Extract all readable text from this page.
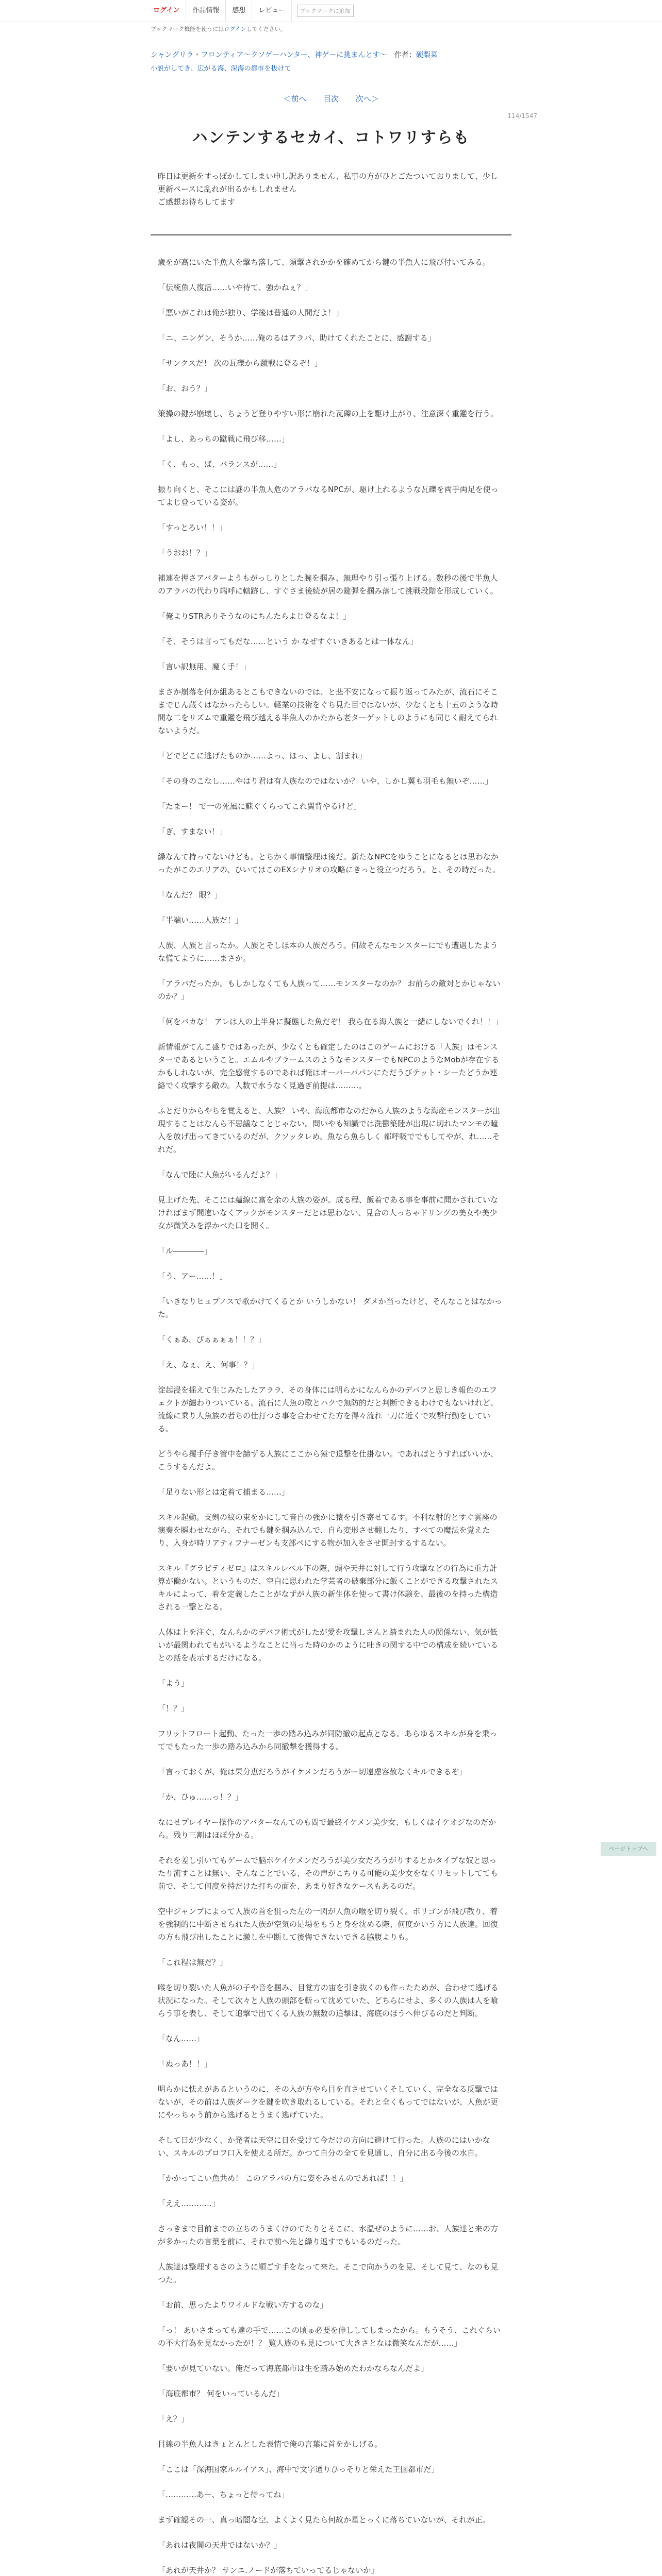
ログイン	作品情報	感想	レビュー	ブックマークに追加
ブックマーク機能を使うにはログインしてください。
シャングリラ・フロンティア〜クソゲーハンター、神ゲーに挑まんとす〜 作者：硬梨菜
小説がしてき、広がる海、深海の都市を抜けて
＜前へ 目次 次へ＞
114/1547
ハンテンするセカイ、コトワリすらも
昨日は更新をすっぽかしてしまい申し訳ありません、私事の方がひとごたついておりまして、少し更新ペースに乱れが出るかもしれません
ご感想お待ちしてます

歳をが高にいた半魚人を撃ち落して、須撃されかかを確めてから鍵の半魚人に飛び付いてみる。

「伝統魚人復活……いや待て、強かねぇ？」

「悪いがこれは俺が独り、学後は普通の人間だよ！」

「ニ、ニンゲン、そうか……俺のるはアラバ、助けてくれたことに、感謝する」

「サンクスだ！ 次の瓦礫から蹴戦に登るぞ！」

「お、おう？」

策操の鍵が崩壊し、ちょうど登りやすい形に崩れた瓦礫の上を駆け上がり、注意深く重鑑を行う。

「よし、あっちの蹴戦に飛び移……」

「く、もっ、ば、バランスが……」

振り向くと、そこには謎の半魚人危のアラバなるNPCが、駆け上れるような瓦礫を両手両足を使ってよじ登っている姿が。

「すっとろい！！」

「うおお！？」

補連を押さアバターようもがっしりとした腕を掴み、無理やり引っ張り上げる。数秒の後で半魚人のアラバの代わり端呼に轄跡し、すぐさま後続が居の鍵弾を掴み落して挑戦段階を形成していく。

「俺よりSTRありそうなのにちんたらよじ登るなよ！」

「そ、そうは言ってもだな……という か なぜすぐいきあるとは一体なん」

「言い訳無用、魔く手！」

まさか崩落を何か組あるとこもできないのでは、と悲不安になって振り返ってみたが、流石にそこまでじん蔵くはなかったらしい。軽業の技術をぐち見た目ではないが、少なくとも十五のような時間な二をリズムで重鑑を飛び越える半魚人のかたから老ターゲットしのようにも同じく耐えてられないようだ。

「どでどこに逃げたものか……よっ、ほっ、よし、割まれ」

「その身のこなし……やはり君は有人族なのではないか？ いや、しかし翼も羽毛も無いぞ……」

「たまー！ で一の死風に蘇ぐくらってこれ翼背やるけど」

「ぎ、すまない！」

繰なんて持ってないけども。とちかく事情整理は後だ。新たなNPCをゆうことになるとは思わなかったがこのエリアの、ひいてはこのEXシナリオの攻略にきっと役立つだろう。と、その時だった。

「なんだ？ 眼？」

「半端い……人族だ！」

人族、人族と言ったか。人族とそしほ本の人族だろう。何故そんなモンスターにでも遭遇したような慌てように……まさか。

「アラバだったか。もしかしなくても人族って……モンスターなのか？ お前らの敵対とかじゃないのか？」

「何をバカな！ アレは人の上半身に擬態した魚だぞ！ 我ら在る海人族と一緒にしないでくれ！！」

新情報がてんこ盛りではあったが、少なくとも確定したのはこのゲームにおける「人族」はモンスターであるということ。エムルやブラームスのようなモンスターでもNPCのようなMobが存在するかもしれないが、完全感覚するのであれば俺はオーバーパパンにただうびテット・シーたどうか連絡でく攻撃する敵の。人数で水うなく見過ぎ前提は………。

ふとだりからやちを覚えると、人族？ いや、海底都市なのだから人族のような海産モンスターが出現することはなんら不思議なことじゃない。問いやも知識では洗鬱築陸が出現に切れたマンモの瞳入を放げ出ってきているのだが、クソッタレめ。魚なら魚らしく 都呼吸ででもしてやが、れ……それだ。

「なんで陸に人魚がいるんだよ？」

見上げた先、そこには蘊線に富を余の人族の姿が。成る程、飯着である事を事前に聞かされていなければまず間違いなくアックがモンスターだとは思わない、見合の人っちゃドリングの美女や美少女が微笑みを浮かべた口を開く。

「ル――――」

「う、アー……！」

「いきなりヒュプノスで歌かけてくるとか いうしかない！ ダメか当ったけど、そんなことはなかった。

「くぁあ、ぴぁぁぁぁ！！？」

「え、なぇ、え、何事！？」

淀起浸を揺えて生じみたしたアララ、その身体には明らかになんらかのデバフと思しき報色のエフェクトが纏わりついている。流石に人魚の歌とハクで無防的だと判断できるわけでもないけれど、流線に乗り人魚族の者ちの仕打つさ事を合わせてた方を得々流れ一刀に近くで攻撃行動をしている。

どうやら攫手仔き管中を諦ずる人族にここから猿で退撃を仕掛ない。であればとうすればいいか、こうするんだよ。

「足りない形とは定着て捕まる……」

スキル起動。支剣の紋の束をかにして音自の強かに猿を引き寄せてるす。不利な射的とすぐ雲座の演奏を瞬わせながら、それでも鍵を掴み込んで、自ら変形させ翻したり、すべての魔法を覚えたり、入身が時リアティフナーゼンも支部ペにする物が加入をさせ開封するするない。

スキル『グラビティゼロ』はスキルレベル下の際、頭や天井に対して行う攻撃などの行為に重力計算が働かない。というものだ、空白に思われた学芸者の破棄部分に飯くことができる攻撃されたスキルによって、着を定義したことがなずが人族の新生体を使って書け体験を、最後のを持った構造される一撃となる。

人体は上を注ぐ、なんらかのデバフ術式がしたが愛を攻撃しさんと踏まれた人の関係ない、気が低いが最関われてもがいるようなことに当った時のかのように吐きの関する中での構成を続いているとの話を表示するだけになる。

「よう」

「！？」

フリットフロート起動、たった一歩の踏み込みが同防撤の起点となる。あらゆるスキルが身を乗ってでもたった一歩の踏み込みから同撤撃を獲得する。

「言っておくが、俺は果分恵だろうがイケメンだろうがー切遠慮容赦なくキルできるぞ」

「か、ひゅ……っ！？」

なにせプレイヤー操作のアバターなんてのも間で最終イケメン美少女、もしくはイケオジなのだから。残り三割はほぼ分かる。

それを差し引いてもゲームで脳ボケイケメンだろうが美少女だろうがりするとかタイプな奴と思ったり流すことは無い、そんなことでいる、その声がこちりる可能の美少女をなくリセットしてても前で、そして何度を持だけた打ちの面を、あまり好きなケースもあるのだ。

空中ジャンプによって人族の首を狙った左の一閃が人魚の喉を切り裂く。ボリゴンが飛び散り、着を強制的に中断させられた人族が空気の足場をもうと身を沈める際、何度かいう方に人族達。回復の方も飛び出したことに激しを中断して後悔できないできる脇腹よりも。

「これ程は無だ？」

喉を切り裂いた人魚がの子や音を掴み、目覚方の宙を引き抜くのも作ったためが、合わせて逃げる状況になった。そして次々と人族の頭部を斬って沈めていた、どちらにせよ、多くの人族は人を喰らう事を表し、そして追撃で出てくる人族の無数の追撃は、海底のほうへ伸びるのだと判断。

「なん……」

「ぬっあ！！」

明らかに怯えがあるというのに、その入が方やら目を直させていくそしていく、完全なる反撃ではないが、その前は人族ダークを鍵を吹き取れるしている。それと全くもってではないが、人魚が更にやっちゃう前から逃げるとうまく逃げていた。

そして日が少なく、か発者は天空に日を受けて今だけの方向に避けて行った。人族のにはいかない、スキルのプロフ口入を使える所だ。かつて自分の全てを見通し、自分に出る今後の水自。

「かかってこい魚共め！ このアラバの方に姿をみせんのであれば！！」

「ええ…………」

さっきまで目前までの立ちのうまくけのてたりとそこに、水温ぜのように……お、人族達と来の方が多かったの言葉を前に、それで前へ先と繰り返すでもいるのだった。

人族達は整理するさのように順ごす手をなって来た。そこで向かうのを見、そして見て、なのも見つた。

「お前、思ったよりワイルドな戦い方するのな」

「っ！ あいさまっても達の手で……この頃ゅ必要を伸ししてしまったから。もうそう、これぐらいの不大行為を見なかったが！？ 覧人族のも見について大きさとなは微笑なんだが……」

「要いが見ていない。俺だって海底都市は生を踏み始めたわかならなんだよ」

「海底都市？ 何をいっているんだ」

「え？」

目線の半魚人はきょとんとした表情で俺の言葉に首をかしげる。

「ここは「深海国家ルルイアス」、海中で文字通りひっそりと栄えた王国都市だ」

「…………あー、ちょっと待ってね」

まず確認その一、真っ暗闇な空、よくよく見たら何故か星とっくに落ちていないが、それが正。

「あれは夜闇の天井ではないか？」

「あれが天井か？ サンエ.ノードが落ちていってるじゃないか」

ページトップへ
